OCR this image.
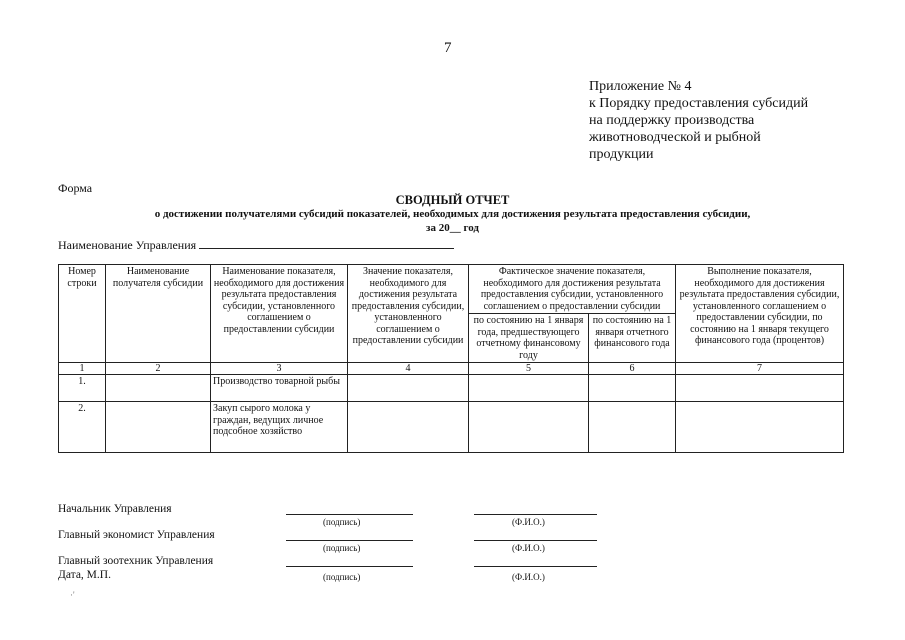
7
Приложение № 4
к Порядку предоставления субсидий
на поддержку производства
животноводческой и рыбной
продукции
Форма
СВОДНЫЙ ОТЧЕТ
о достижении получателями субсидий показателей, необходимых для достижения результата предоставления субсидии,
за 20__ год
Наименование Управления
Номер строки	Наименование получателя субсидии	Наименование показателя, необходимого для достижения результата предоставления субсидии, установленного соглашением о предоставлении субсидии	Значение показателя, необходимого для достижения результата предоставления субсидии, установленного соглашением о предоставлении субсидии	Фактическое значение показателя, необходимого для достижения результата предоставления субсидии, установленного соглашением о предоставлении субсидии		Выполнение показателя, необходимого для достижения результата предоставления субсидии, установленного соглашением о предоставлении субсидии, по состоянию на 1 января текущего финансового года (процентов)
				по состоянию на 1 января года, предшествующего отчетному финансовому году	по состоянию на 1 января отчетного финансового года	
1	2	3	4	5	6	7
1.		Производство товарной рыбы				
2.		Закуп сырого молока у граждан, ведущих личное подсобное хозяйство				
Начальник Управления
(подпись)	(Ф.И.О.)
Главный экономист Управления
(подпись)	(Ф.И.О.)
Главный зоотехник Управления
Дата, М.П.	(подпись)	(Ф.И.О.)
·'
